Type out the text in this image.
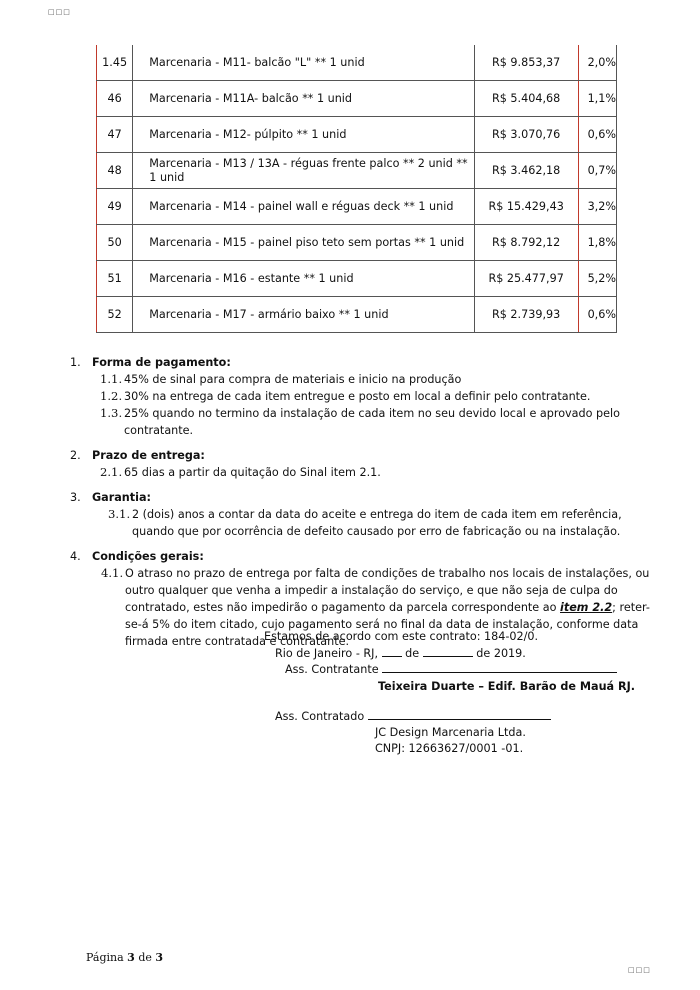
□□□
1.45	Marcenaria - M11- balcão "L" ** 1 unid	R$ 9.853,37	2,0%
46	Marcenaria - M11A- balcão ** 1 unid	R$ 5.404,68	1,1%
47	Marcenaria - M12- púlpito ** 1 unid	R$ 3.070,76	0,6%
48	Marcenaria - M13 / 13A - réguas frente palco ** 2 unid ** 1 unid	R$ 3.462,18	0,7%
49	Marcenaria - M14 - painel wall e réguas deck ** 1 unid	R$ 15.429,43	3,2%
50	Marcenaria - M15 - painel piso teto sem portas ** 1 unid	R$ 8.792,12	1,8%
51	Marcenaria - M16 - estante ** 1 unid	R$ 25.477,97	5,2%
52	Marcenaria - M17 - armário baixo ** 1 unid	R$ 2.739,93	0,6%
1.	Forma de pagamento:
1.1. 45% de sinal para compra de materiais e inicio na produção
1.2. 30% na entrega de cada item entregue e posto em local a definir pelo contratante.
1.3. 25% quando no termino da instalação de cada item no seu devido local e aprovado pelo contratante.
2.	Prazo de entrega:
2.1. 65 dias a partir da quitação do Sinal item 2.1.
3.	Garantia:
3.1. 2 (dois) anos a contar da data do aceite e entrega do item de cada item em referência, quando que por ocorrência de defeito causado por erro de fabricação ou na instalação.
4.	Condições gerais:
4.1. O atraso no prazo de entrega por falta de condições de trabalho nos locais de instalações, ou outro qualquer que venha a impedir a instalação do serviço, e que não seja de culpa do contratado, estes não impedirão o pagamento da parcela correspondente ao item 2.2; reter-se-á 5% do item citado, cujo pagamento será no final da data de instalação, conforme data firmada entre contratada e contratante.
Estamos de acordo com este contrato: 184-02/0.
Rio de Janeiro - RJ, de	de 2019.
Ass. Contratante
Teixeira Duarte – Edif. Barão de Mauá RJ.
Ass. Contratado
JC Design Marcenaria Ltda.
CNPJ: 12663627/0001 -01.
Página 3 de 3
□□□
